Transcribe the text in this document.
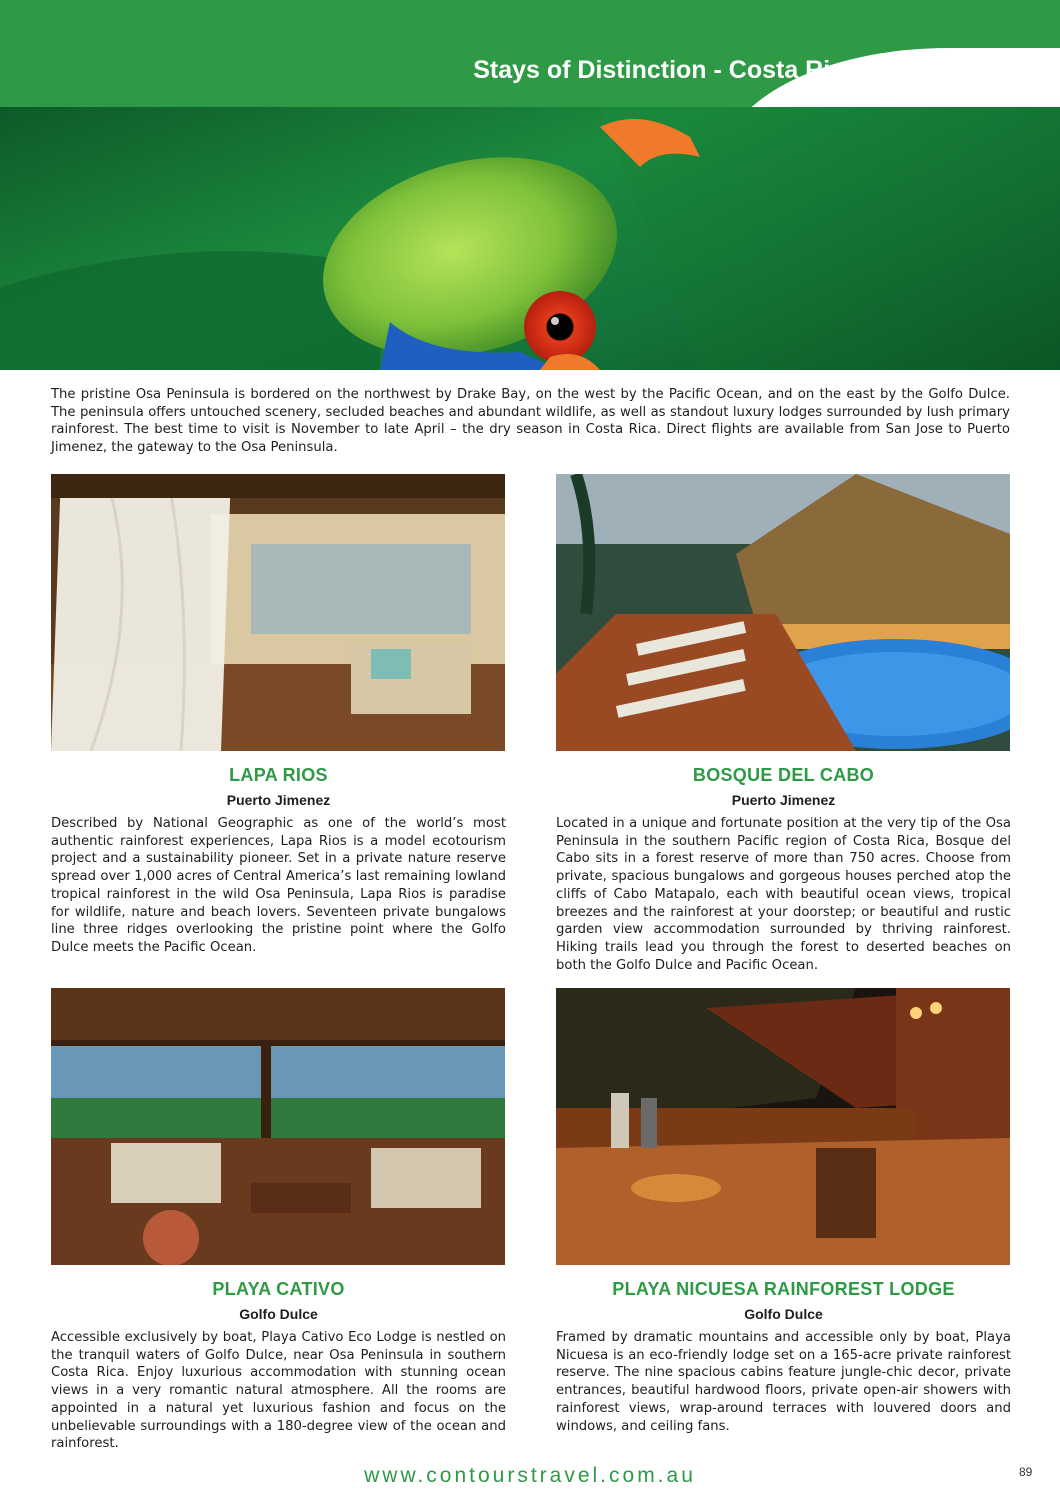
Stays of Distinction - Costa Rica

The pristine Osa Peninsula is bordered on the northwest by Drake Bay, on the west by the Pacific Ocean, and on the east by the Golfo Dulce. The peninsula offers untouched scenery, secluded beaches and abundant wildlife, as well as standout luxury lodges surrounded by lush primary rainforest. The best time to visit is November to late April – the dry season in Costa Rica. Direct flights are available from San Jose to Puerto Jimenez, the gateway to the Osa Peninsula.

LAPA RIOS
Puerto Jimenez

Described by National Geographic as one of the world’s most authentic rainforest experiences, Lapa Rios is a model ecotourism project and a sustainability pioneer. Set in a private nature reserve spread over 1,000 acres of Central America’s last remaining lowland tropical rainforest in the wild Osa Peninsula, Lapa Rios is paradise for wildlife, nature and beach lovers. Seventeen private bungalows line three ridges overlooking the pristine point where the Golfo Dulce meets the Pacific Ocean.

BOSQUE DEL CABO
Puerto Jimenez

Located in a unique and fortunate position at the very tip of the Osa Peninsula in the southern Pacific region of Costa Rica, Bosque del Cabo sits in a forest reserve of more than 750 acres. Choose from private, spacious bungalows and gorgeous houses perched atop the cliffs of Cabo Matapalo, each with beautiful ocean views, tropical breezes and the rainforest at your doorstep; or beautiful and rustic garden view accommodation surrounded by thriving rainforest. Hiking trails lead you through the forest to deserted beaches on both the Golfo Dulce and Pacific Ocean.

PLAYA CATIVO
Golfo Dulce

Accessible exclusively by boat, Playa Cativo Eco Lodge is nestled on the tranquil waters of Golfo Dulce, near Osa Peninsula in southern Costa Rica. Enjoy luxurious accommodation with stunning ocean views in a very romantic natural atmosphere. All the rooms are appointed in a natural yet luxurious fashion and focus on the unbelievable surroundings with a 180-degree view of the ocean and rainforest.

PLAYA NICUESA RAINFOREST LODGE
Golfo Dulce

Framed by dramatic mountains and accessible only by boat, Playa Nicuesa is an eco-friendly lodge set on a 165-acre private rainforest reserve. The nine spacious cabins feature jungle-chic decor, private entrances, beautiful hardwood floors, private open-air showers with rainforest views, wrap-around terraces with louvered doors and windows, and ceiling fans.

www.contourstravel.com.au	89
